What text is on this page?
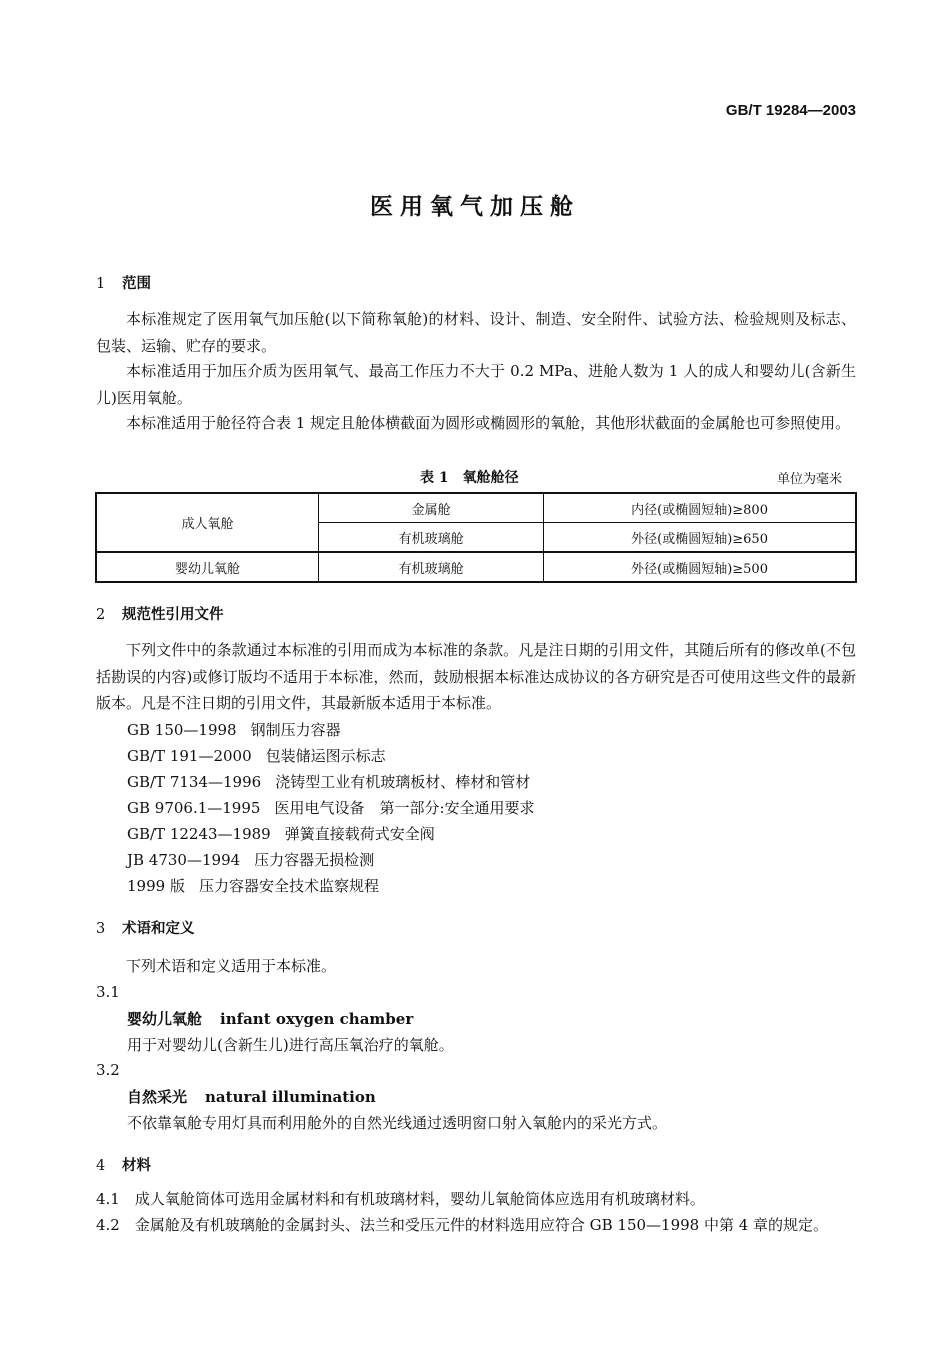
GB/T 19284—2003
医用氧气加压舱
1 范围
本标准规定了医用氧气加压舱(以下简称氧舱)的材料、设计、制造、安全附件、试验方法、检验规则及标志、包装、运输、贮存的要求。
本标准适用于加压介质为医用氧气、最高工作压力不大于 0.2 MPa、进舱人数为 1 人的成人和婴幼儿(含新生儿)医用氧舱。
本标准适用于舱径符合表 1 规定且舱体横截面为圆形或椭圆形的氧舱，其他形状截面的金属舱也可参照使用。
表 1 氧舱舱径	单位为毫米
成人氧舱	金属舱	内径(或椭圆短轴)≥800
	有机玻璃舱	外径(或椭圆短轴)≥650
婴幼儿氧舱	有机玻璃舱	外径(或椭圆短轴)≥500
2 规范性引用文件
下列文件中的条款通过本标准的引用而成为本标准的条款。凡是注日期的引用文件，其随后所有的修改单(不包括勘误的内容)或修订版均不适用于本标准，然而，鼓励根据本标准达成协议的各方研究是否可使用这些文件的最新版本。凡是不注日期的引用文件，其最新版本适用于本标准。
GB 150—1998 钢制压力容器
GB/T 191—2000 包装储运图示标志
GB/T 7134—1996 浇铸型工业有机玻璃板材、棒材和管材
GB 9706.1—1995 医用电气设备　第一部分:安全通用要求
GB/T 12243—1989 弹簧直接载荷式安全阀
JB 4730—1994 压力容器无损检测
1999 版 压力容器安全技术监察规程
3 术语和定义
下列术语和定义适用于本标准。
3.1
婴幼儿氧舱 infant oxygen chamber
用于对婴幼儿(含新生儿)进行高压氧治疗的氧舱。
3.2
自然采光 natural illumination
不依靠氧舱专用灯具而利用舱外的自然光线通过透明窗口射入氧舱内的采光方式。
4 材料
4.1　成人氧舱筒体可选用金属材料和有机玻璃材料，婴幼儿氧舱筒体应选用有机玻璃材料。
4.2　金属舱及有机玻璃舱的金属封头、法兰和受压元件的材料选用应符合 GB 150—1998 中第 4 章的规定。
